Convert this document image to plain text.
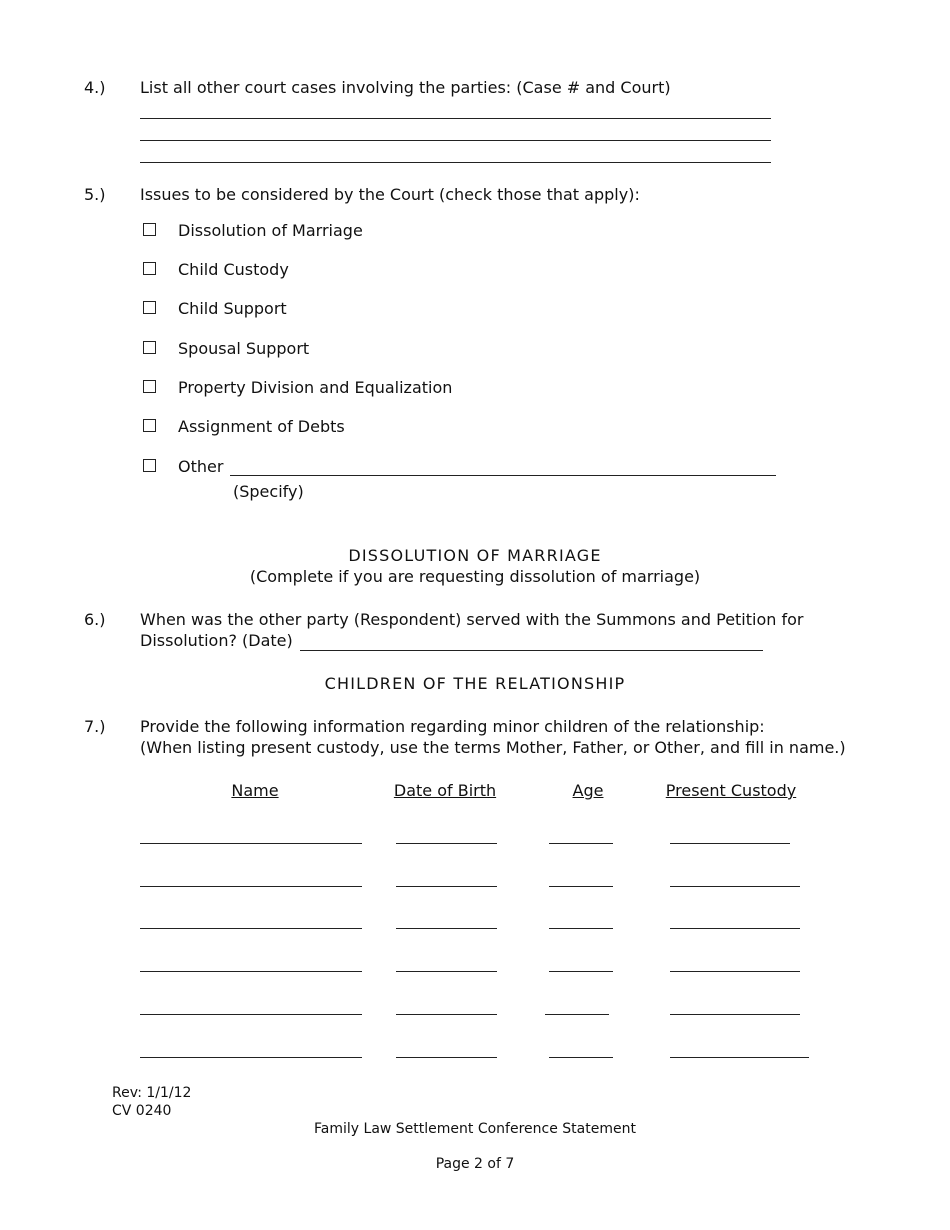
4.) List all other court cases involving the parties: (Case # and Court)
5.) Issues to be considered by the Court (check those that apply):
Dissolution of Marriage
Child Custody
Child Support
Spousal Support
Property Division and Equalization
Assignment of Debts
Other
(Specify)
DISSOLUTION OF MARRIAGE
(Complete if you are requesting dissolution of marriage)
6.) When was the other party (Respondent) served with the Summons and Petition for
Dissolution? (Date)
CHILDREN OF THE RELATIONSHIP
7.) Provide the following information regarding minor children of the relationship:
(When listing present custody, use the terms Mother, Father, or Other, and fill in name.)
Name	Date of Birth	Age	Present Custody
Rev: 1/1/12
CV 0240
Family Law Settlement Conference Statement
Page 2 of 7
